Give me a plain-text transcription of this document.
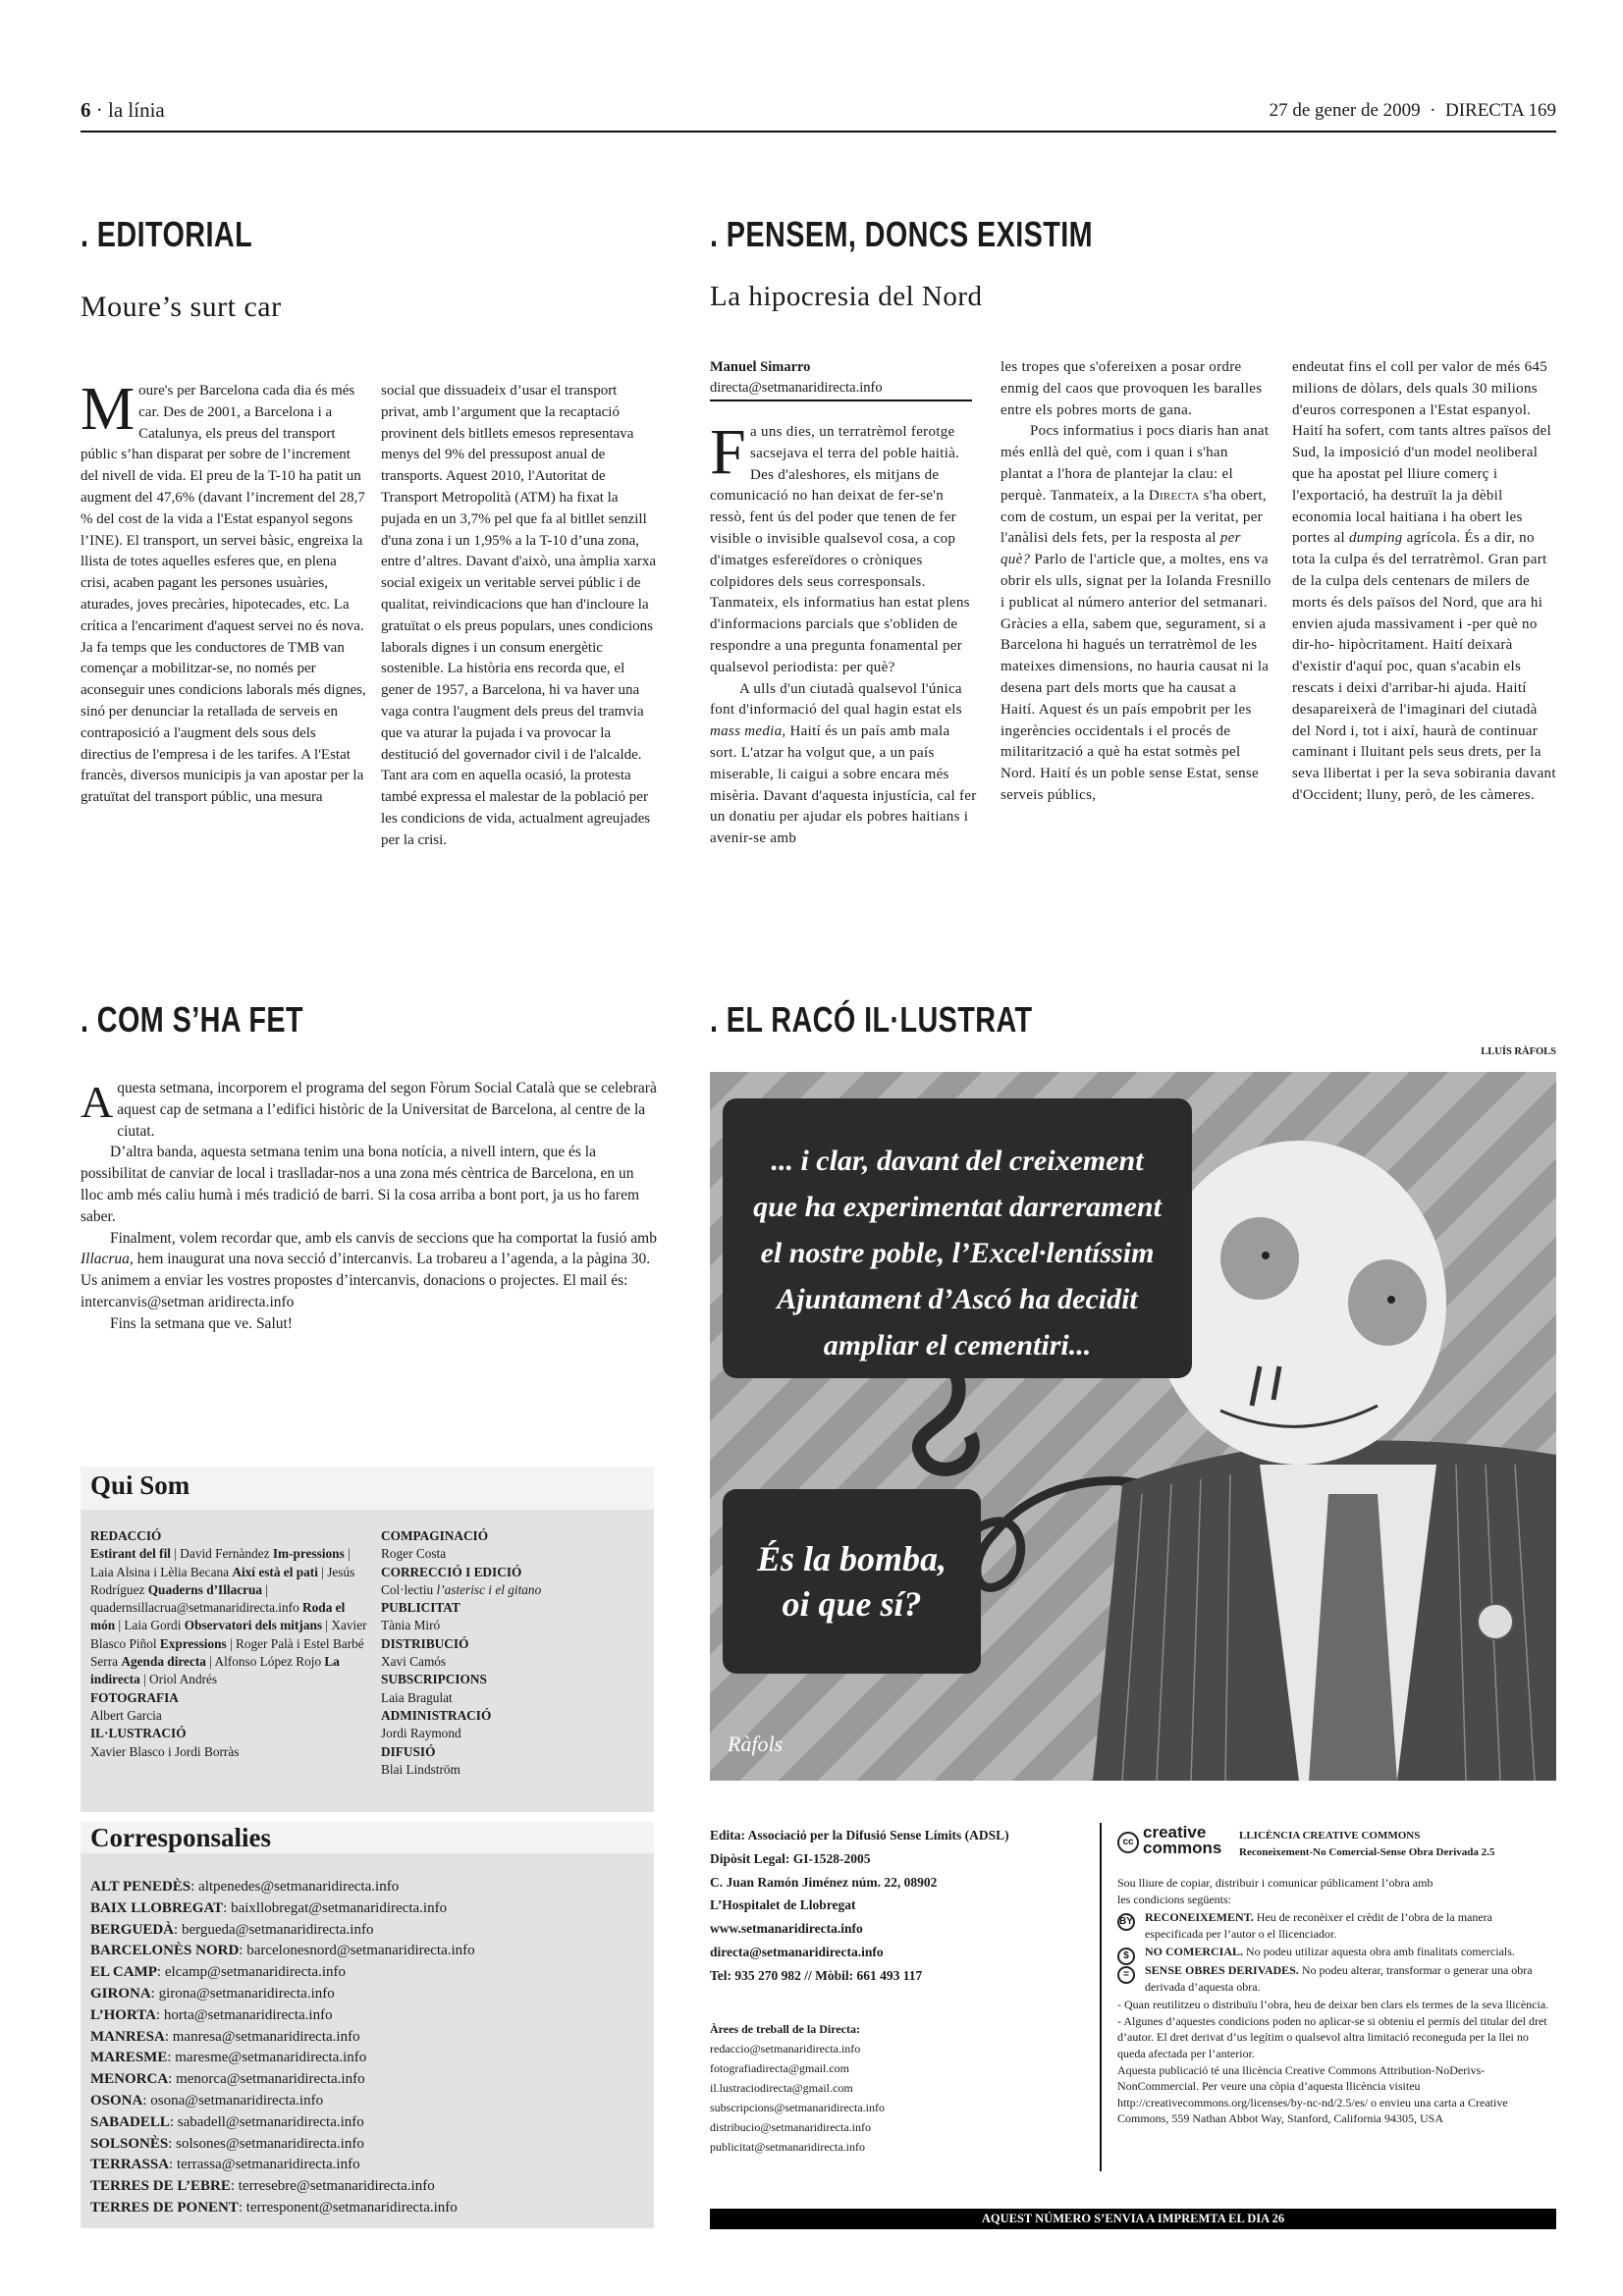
6 · la línia	27 de gener de 2009 · DIRECTA 169
. EDITORIAL
Moure’s surt car
M oure's per Barcelona cada dia és més car. Des de 2001, a Barcelona i a Catalunya, els preus del transport públic s’han disparat per sobre de l’increment del nivell de vida. El preu de la T-10 ha patit un augment del 47,6% (davant l’increment del 28,7 % del cost de la vida a l'Estat espanyol segons l’INE). El transport, un servei bàsic, engreixa la llista de totes aquelles esferes que, en plena crisi, acaben pagant les persones usuàries, aturades, joves precàries, hipotecades, etc. La crítica a l'encariment d'aquest servei no és nova. Ja fa temps que les conductores de TMB van començar a mobilitzar-se, no només per aconseguir unes condicions laborals més dignes, sinó per denunciar la retallada de serveis en contraposició a l'augment dels sous dels directius de l'empresa i de les tarifes. A l'Estat francès, diversos municipis ja van apostar per la gratuïtat del transport públic, una mesura

social que dissuadeix d’usar el transport privat, amb l’argument que la recaptació provinent dels bitllets emesos representava menys del 9% del pressupost anual de transports. Aquest 2010, l'Autoritat de Transport Metropolità (ATM) ha fixat la pujada en un 3,7% pel que fa al bitllet senzill d'una zona i un 1,95% a la T-10 d’una zona, entre d’altres. Davant d'això, una àmplia xarxa social exigeix un veritable servei públic i de qualitat, reivindicacions que han d'incloure la gratuïtat o els preus populars, unes condicions laborals dignes i un consum energètic sostenible. La història ens recorda que, el gener de 1957, a Barcelona, hi va haver una vaga contra l'augment dels preus del tramvia que va aturar la pujada i va provocar la destitució del governador civil i de l'alcalde. Tant ara com en aquella ocasió, la protesta també expressa el malestar de la població per les condicions de vida, actualment agreujades per la crisi.

. PENSEM, DONCS EXISTIM
La hipocresia del Nord
Manuel Simarro
directa@setmanaridirecta.info
F a uns dies, un terratrèmol ferotge sacsejava el terra del poble haitià. Des d'aleshores, els mitjans de comunicació no han deixat de fer-se'n ressò, fent ús del poder que tenen de fer visible o invisible qualsevol cosa, a cop d'imatges esfereïdores o cròniques colpidores dels seus corresponsals. Tanmateix, els informatius han estat plens d'informacions parcials que s'obliden de respondre a una pregunta fonamental per qualsevol periodista: per què?

A ulls d'un ciutadà qualsevol l'única font d'informació del qual hagin estat els mass media, Haití és un país amb mala sort. L'atzar ha volgut que, a un país miserable, li caigui a sobre encara més misèria. Davant d'aquesta injustícia, cal fer un donatiu per ajudar els pobres haitians i avenir-se amb

les tropes que s'ofereixen a posar ordre enmig del caos que provoquen les baralles entre els pobres morts de gana.

Pocs informatius i pocs diaris han anat més enllà del què, com i quan i s'han plantat a l'hora de plantejar la clau: el perquè. Tanmateix, a la Directa s'ha obert, com de costum, un espai per la veritat, per l'anàlisi dels fets, per la resposta al per què? Parlo de l'article que, a moltes, ens va obrir els ulls, signat per la Iolanda Fresnillo i publicat al número anterior del setmanari. Gràcies a ella, sabem que, segurament, si a Barcelona hi hagués un terratrèmol de les mateixes dimensions, no hauria causat ni la desena part dels morts que ha causat a Haití. Aquest és un país empobrit per les ingerències occidentals i el procés de militarització a què ha estat sotmès pel Nord. Haití és un poble sense Estat, sense serveis públics,

endeutat fins el coll per valor de més 645 milions de dòlars, dels quals 30 milions d'euros corresponen a l'Estat espanyol. Haití ha sofert, com tants altres països del Sud, la imposició d'un model neoliberal que ha apostat pel lliure comerç i l'exportació, ha destruït la ja dèbil economia local haitiana i ha obert les portes al dumping agrícola. És a dir, no tota la culpa és del terratrèmol. Gran part de la culpa dels centenars de milers de morts és dels països del Nord, que ara hi envien ajuda massivament i -per què no dir-ho- hipòcritament. Haití deixarà d'existir d'aquí poc, quan s'acabin els rescats i deixi d'arribar-hi ajuda. Haití desapareixerà de l'imaginari del ciutadà del Nord i, tot i així, haurà de continuar caminant i lluitant pels seus drets, per la seva llibertat i per la seva sobirania davant d'Occident; lluny, però, de les càmeres.

. COM S’HA FET
A questa setmana, incorporem el programa del segon Fòrum Social Català que se celebrarà aquest cap de setmana a l’edifici històric de la Universitat de Barcelona, al centre de la ciutat.

D’altra banda, aquesta setmana tenim una bona notícia, a nivell intern, que és la possibilitat de canviar de local i traslladar-nos a una zona més cèntrica de Barcelona, en un lloc amb més caliu humà i més tradició de barri. Si la cosa arriba a bont port, ja us ho farem saber.

Finalment, volem recordar que, amb els canvis de seccions que ha comportat la fusió amb Illacrua, hem inaugurat una nova secció d’intercanvis. La trobareu a l’agenda, a la pàgina 30. Us animem a enviar les vostres propostes d’intercanvis, donacions o projectes. El mail és: intercanvis@setman aridirecta.info

Fins la setmana que ve. Salut!

. EL RACÓ IL·LUSTRAT
LLUÍS RÀFOLS
... i clar, davant del creixement que ha experimentat darrerament el nostre poble, l’Excel·lentíssim Ajuntament d’Ascó ha decidit ampliar el cementiri...
És la bomba, oi que sí?
Ràfols
Qui Som
REDACCIÓ
Estirant del fil | David Fernàndez Im-pressions | Laia Alsina i Lèlia Becana Així està el pati | Jesús Rodríguez Quaderns d’Illacrua | quadernsillacrua@setmanaridirecta.info Roda el món | Laia Gordi Observatori dels mitjans | Xavier Blasco Piñol Expressions | Roger Palà i Estel Barbé Serra Agenda directa | Alfonso López Rojo La indirecta | Oriol Andrés
FOTOGRAFIA
Albert Garcia
IL·LUSTRACIÓ
Xavier Blasco i Jordi Borràs
COMPAGINACIÓ
Roger Costa
CORRECCIÓ I EDICIÓ
Col·lectiu l’asterisc i el gitano
PUBLICITAT
Tània Miró
DISTRIBUCIÓ
Xavi Camós
SUBSCRIPCIONS
Laia Bragulat
ADMINISTRACIÓ
Jordi Raymond
DIFUSIÓ
Blai Lindström
Corresponsalies
ALT PENEDÈS: altpenedes@setmanaridirecta.info
BAIX LLOBREGAT: baixllobregat@setmanaridirecta.info
BERGUEDÀ: bergueda@setmanaridirecta.info
BARCELONÈS NORD: barcelonesnord@setmanaridirecta.info
EL CAMP: elcamp@setmanaridirecta.info
GIRONA: girona@setmanaridirecta.info
L’HORTA: horta@setmanaridirecta.info
MANRESA: manresa@setmanaridirecta.info
MARESME: maresme@setmanaridirecta.info
MENORCA: menorca@setmanaridirecta.info
OSONA: osona@setmanaridirecta.info
SABADELL: sabadell@setmanaridirecta.info
SOLSONÈS: solsones@setmanaridirecta.info
TERRASSA: terrassa@setmanaridirecta.info
TERRES DE L’EBRE: terresebre@setmanaridirecta.info
TERRES DE PONENT: terresponent@setmanaridirecta.info
Edita: Associació per la Difusió Sense Límits (ADSL)
Dipòsit Legal: GI-1528-2005
C. Juan Ramón Jiménez núm. 22, 08902
L’Hospitalet de Llobregat
www.setmanaridirecta.info
directa@setmanaridirecta.info
Tel: 935 270 982 // Mòbil: 661 493 117
Àrees de treball de la Directa:
redaccio@setmanaridirecta.info
fotografiadirecta@gmail.com
il.lustraciodirecta@gmail.com
subscripcions@setmanaridirecta.info
distribucio@setmanaridirecta.info
publicitat@setmanaridirecta.info
cc
creative
commons
LLICÈNCIA CREATIVE COMMONS
Reconeixement-No Comercial-Sense Obra Derivada 2.5
Sou lliure de copiar, distribuir i comunicar públicament l’obra amb les condicions següents:
BY RECONEIXEMENT. Heu de reconèixer el crèdit de l’obra de la manera especificada per l’autor o el llicenciador.
$	NO COMERCIAL. No podeu utilizar aquesta obra amb finalitats comercials.
=	SENSE OBRES DERIVADES. No podeu alterar, transformar o generar una obra derivada d’aquesta obra.
- Quan reutilitzeu o distribuïu l’obra, heu de deixar ben clars els termes de la seva llicència.
- Algunes d’aquestes condicions poden no aplicar-se si obteniu el permís del titular del dret d’autor. El dret derivat d’us legítim o qualsevol altra limitació reconeguda per la llei no queda afectada per l’anterior.
Aquesta publicació té una llicència Creative Commons Attribution-NoDerivs- NonCommercial. Per veure una còpia d’aquesta llicència visiteu http://creativecommons.org/licenses/by-nc-nd/2.5/es/ o envieu una carta a Creative Commons, 559 Nathan Abbot Way, Stanford, California 94305, USA
AQUEST NÚMERO S’ENVIA A IMPREMTA EL DIA 26
